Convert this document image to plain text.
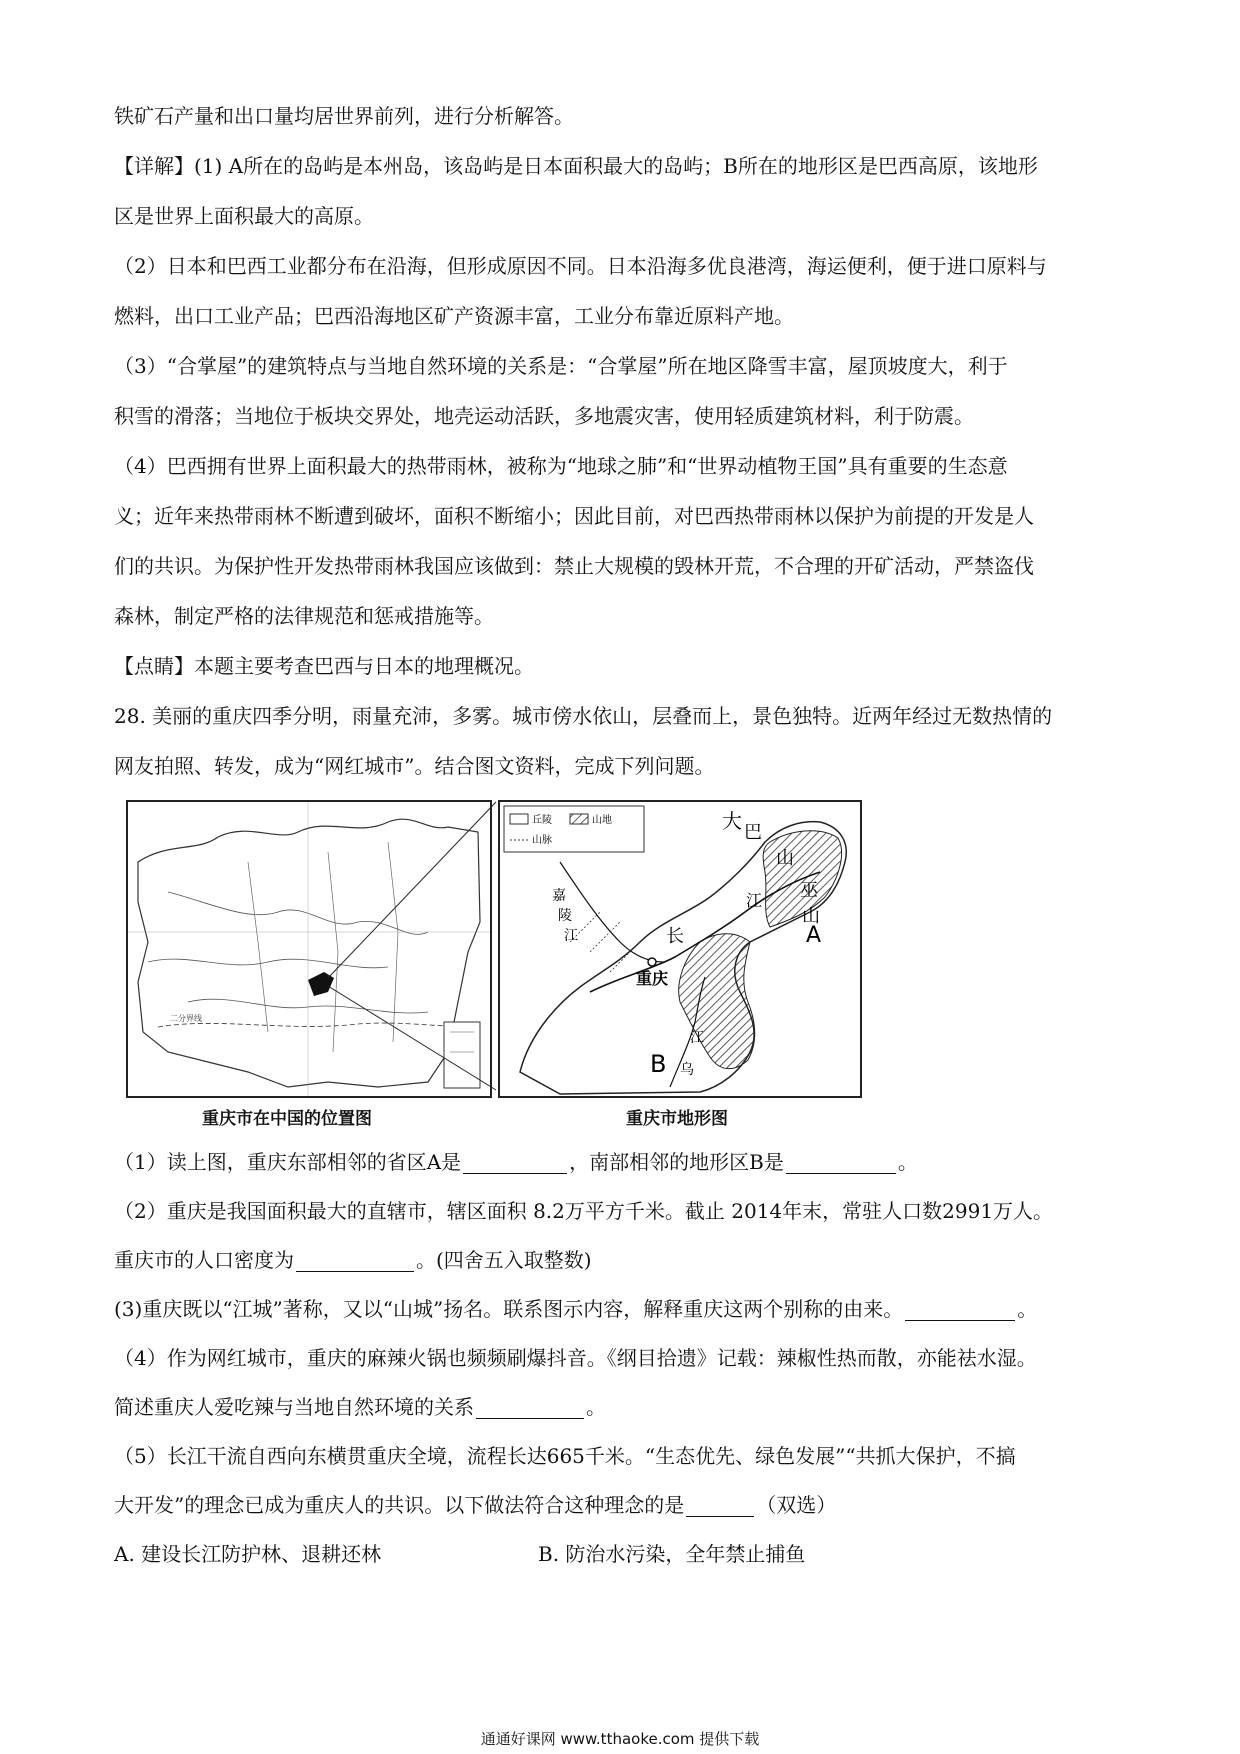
铁矿石产量和出口量均居世界前列，进行分析解答。
【详解】(1) A所在的岛屿是本州岛，该岛屿是日本面积最大的岛屿；B所在的地形区是巴西高原，该地形
区是世界上面积最大的高原。
（2）日本和巴西工业都分布在沿海，但形成原因不同。日本沿海多优良港湾，海运便利，便于进口原料与
燃料，出口工业产品；巴西沿海地区矿产资源丰富，工业分布靠近原料产地。
（3）“合掌屋”的建筑特点与当地自然环境的关系是：“合掌屋”所在地区降雪丰富，屋顶坡度大，利于
积雪的滑落；当地位于板块交界处，地壳运动活跃，多地震灾害，使用轻质建筑材料，利于防震。
（4）巴西拥有世界上面积最大的热带雨林，被称为“地球之肺”和“世界动植物王国”具有重要的生态意
义；近年来热带雨林不断遭到破坏，面积不断缩小；因此目前，对巴西热带雨林以保护为前提的开发是人
们的共识。为保护性开发热带雨林我国应该做到：禁止大规模的毁林开荒，不合理的开矿活动，严禁盗伐
森林，制定严格的法律规范和惩戒措施等。
【点睛】本题主要考查巴西与日本的地理概况。
28. 美丽的重庆四季分明，雨量充沛，多雾。城市傍水依山，层叠而上，景色独特。近两年经过无数热情的
网友拍照、转发，成为“网红城市”。结合图文资料，完成下列问题。
二分界线
丘陵	山地
山脉
大 巴
山
巫
山
江
A
嘉
陵
江	长
重庆
B 乌
江
重庆市在中国的位置图	重庆市地形图
（1）读上图，重庆东部相邻的省区A是	，南部相邻的地形区B是	。
（2）重庆是我国面积最大的直辖市，辖区面积 8.2万平方千米。截止 2014年末，常驻人口数2991万人。
重庆市的人口密度为	。(四舍五入取整数)
(3)重庆既以“江城”著称，又以“山城”扬名。联系图示内容，解释重庆这两个别称的由来。	。
（4）作为网红城市，重庆的麻辣火锅也频频刷爆抖音。《纲目拾遗》记载：辣椒性热而散，亦能祛水湿。
简述重庆人爱吃辣与当地自然环境的关系	。
（5）长江干流自西向东横贯重庆全境，流程长达665千米。“生态优先、绿色发展”“共抓大保护，不搞
大开发”的理念已成为重庆人的共识。以下做法符合这种理念的是	（双选）
A. 建设长江防护林、退耕还林	B. 防治水污染，全年禁止捕鱼
通通好课网 www.tthaoke.com 提供下载
